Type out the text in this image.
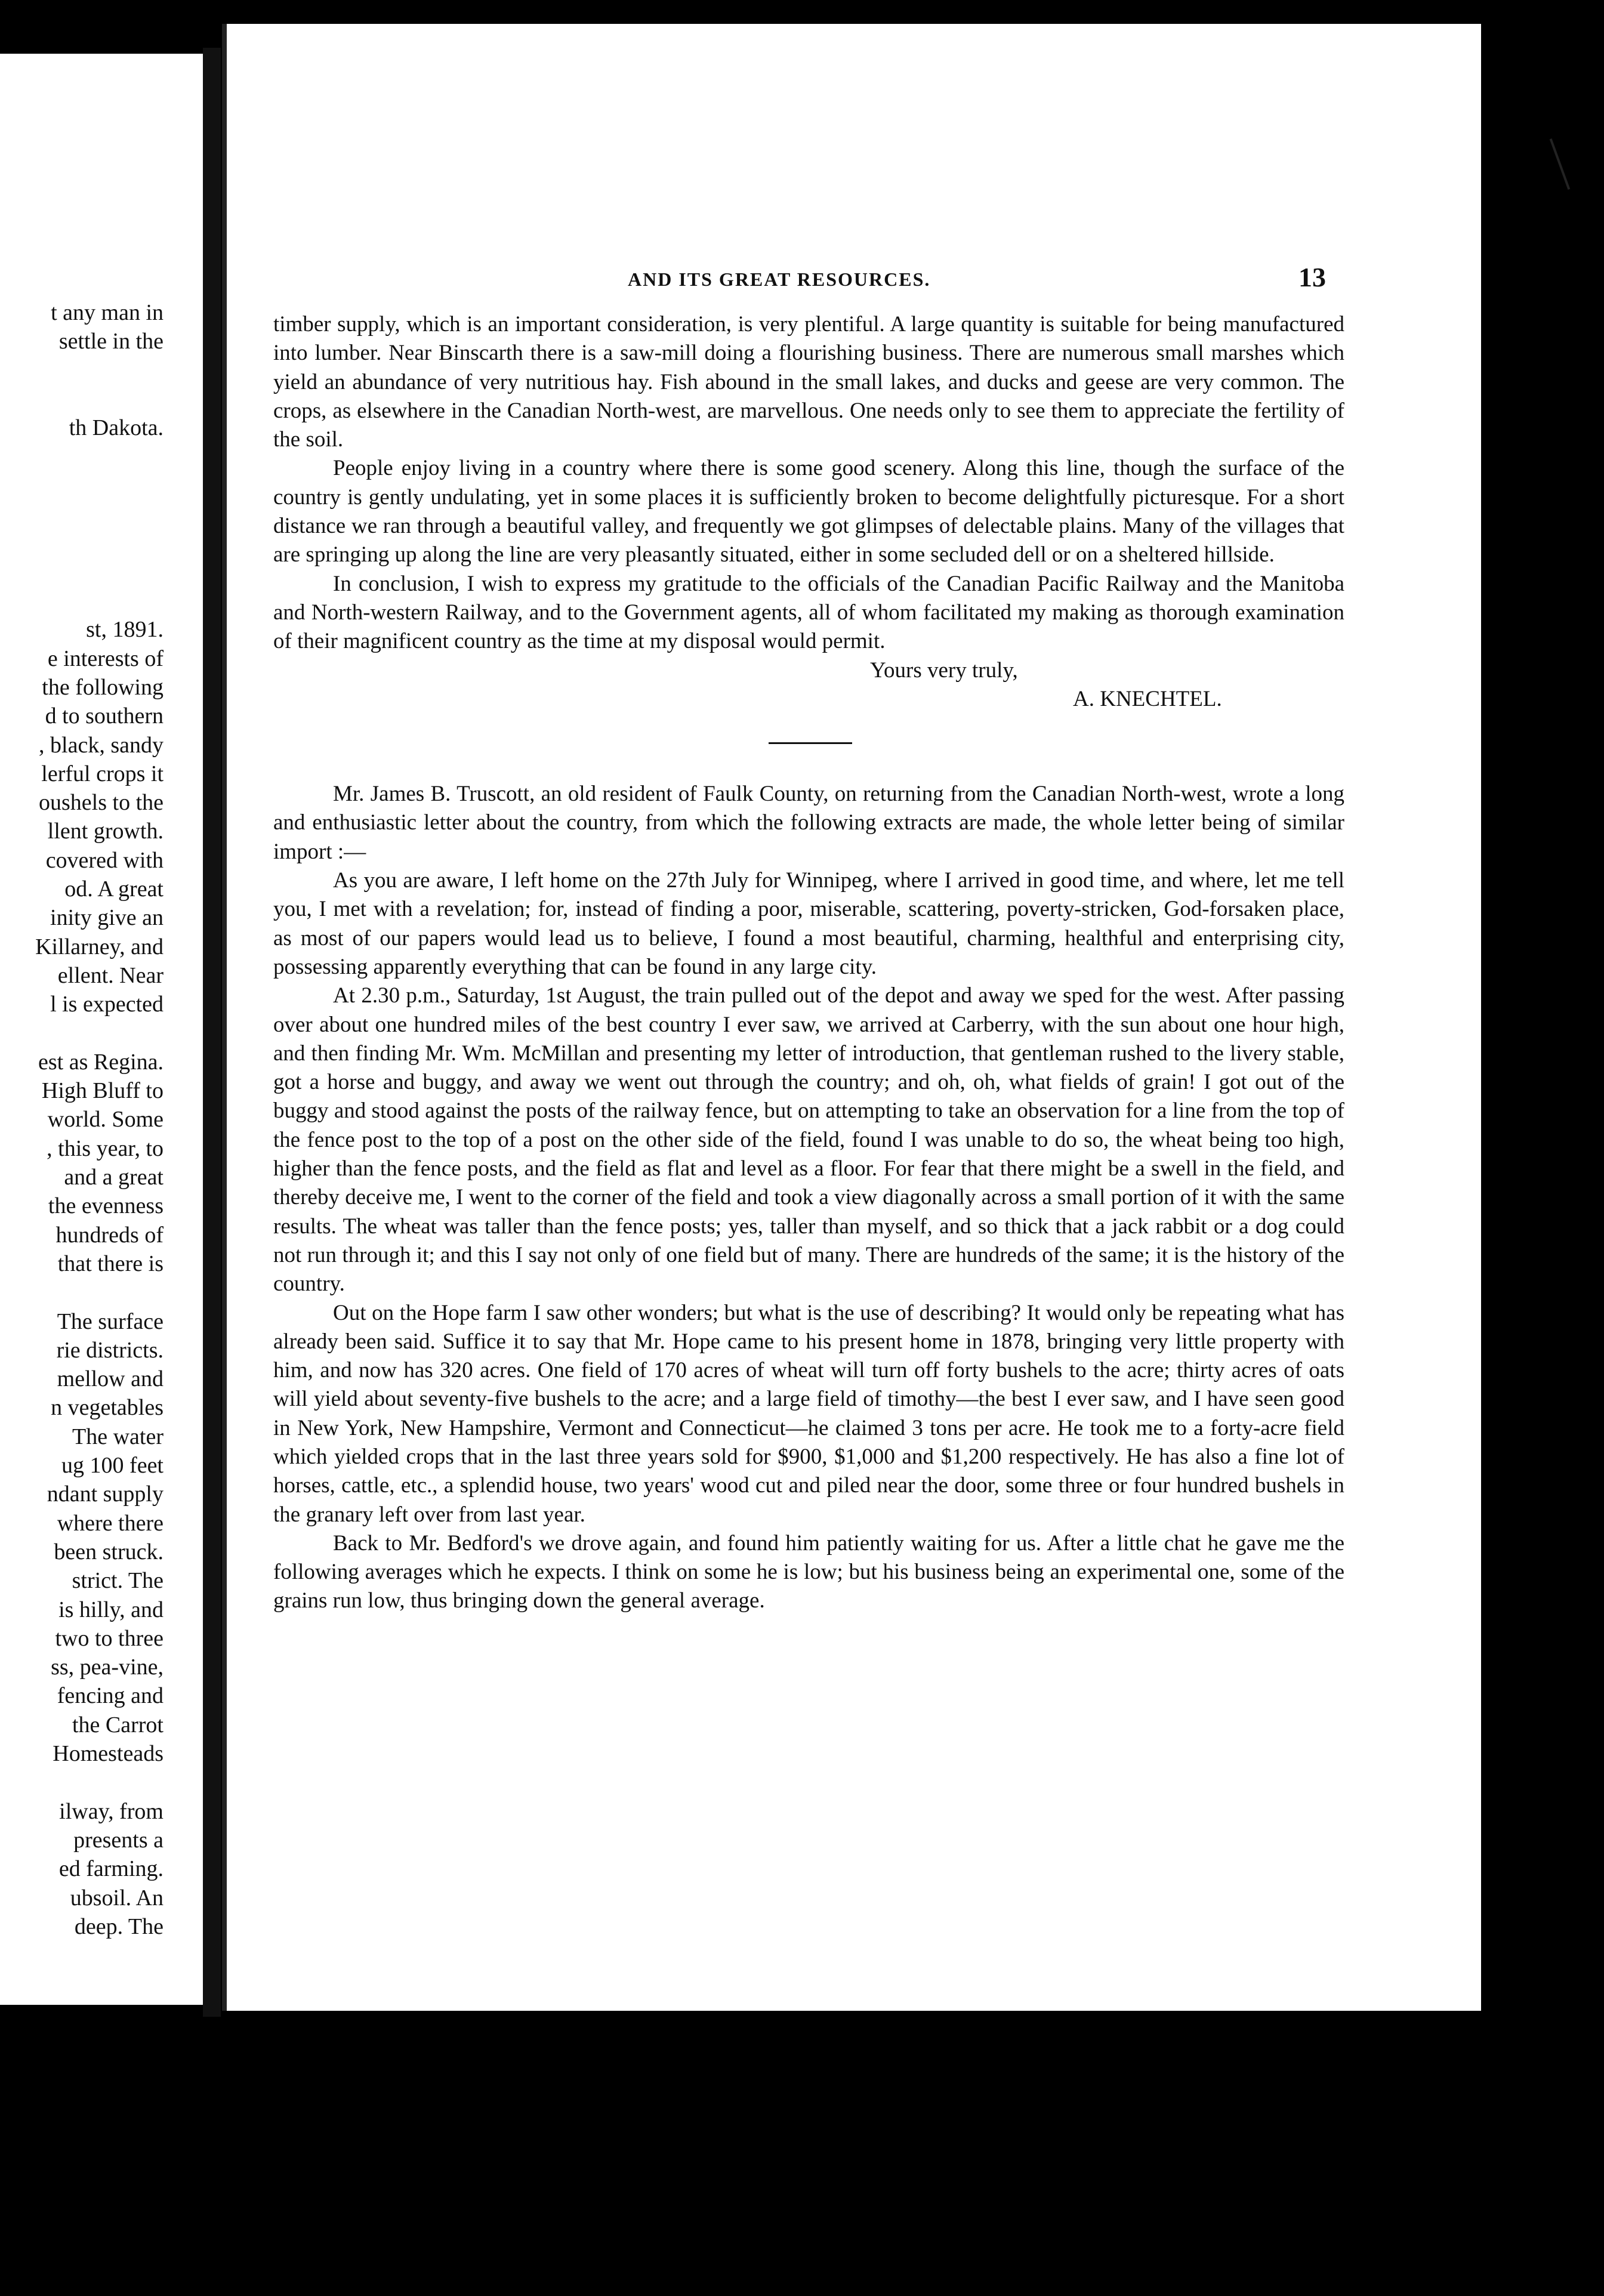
t any man in
settle in the
th Dakota.
st, 1891.
e interests of
the following
d to southern
, black, sandy
lerful crops it
oushels to the
llent growth.
covered with
od. A great
inity give an
Killarney, and
ellent. Near
l is expected
est as Regina.
High Bluff to
world. Some
, this year, to
and a great
the evenness
hundreds of
that there is
The surface
rie districts.
mellow and
n vegetables
The water
ug 100 feet
ndant supply
where there
been struck.
strict. The
is hilly, and
two to three
ss, pea-vine,
fencing and
the Carrot
Homesteads
ilway, from
presents a
ed farming.
ubsoil. An
deep. The
AND ITS GREAT RESOURCES.	13

timber supply, which is an important consideration, is very plentiful. A large quantity is suitable for being manufactured into lumber. Near Binscarth there is a saw-mill doing a flourishing business. There are numerous small marshes which yield an abundance of very nutritious hay. Fish abound in the small lakes, and ducks and geese are very common. The crops, as elsewhere in the Canadian North-west, are marvellous. One needs only to see them to appreciate the fertility of the soil.

People enjoy living in a country where there is some good scenery. Along this line, though the surface of the country is gently undulating, yet in some places it is sufficiently broken to become delightfully picturesque. For a short distance we ran through a beautiful valley, and frequently we got glimpses of delectable plains. Many of the villages that are springing up along the line are very pleasantly situated, either in some secluded dell or on a sheltered hillside.

In conclusion, I wish to express my gratitude to the officials of the Canadian Pacific Railway and the Manitoba and North-western Railway, and to the Government agents, all of whom facilitated my making as thorough examination of their magnificent country as the time at my disposal would permit.

Yours very truly,
A. KNECHTEL.

Mr. James B. Truscott, an old resident of Faulk County, on returning from the Canadian North-west, wrote a long and enthusiastic letter about the country, from which the following extracts are made, the whole letter being of similar import :—

As you are aware, I left home on the 27th July for Winnipeg, where I arrived in good time, and where, let me tell you, I met with a revelation; for, instead of finding a poor, miserable, scattering, poverty-stricken, God-forsaken place, as most of our papers would lead us to believe, I found a most beautiful, charming, healthful and enterprising city, possessing apparently everything that can be found in any large city.

At 2.30 p.m., Saturday, 1st August, the train pulled out of the depot and away we sped for the west. After passing over about one hundred miles of the best country I ever saw, we arrived at Carberry, with the sun about one hour high, and then finding Mr. Wm. McMillan and presenting my letter of introduction, that gentleman rushed to the livery stable, got a horse and buggy, and away we went out through the country; and oh, oh, what fields of grain! I got out of the buggy and stood against the posts of the railway fence, but on attempting to take an observation for a line from the top of the fence post to the top of a post on the other side of the field, found I was unable to do so, the wheat being too high, higher than the fence posts, and the field as flat and level as a floor. For fear that there might be a swell in the field, and thereby deceive me, I went to the corner of the field and took a view diagonally across a small portion of it with the same results. The wheat was taller than the fence posts; yes, taller than myself, and so thick that a jack rabbit or a dog could not run through it; and this I say not only of one field but of many. There are hundreds of the same; it is the history of the country.

Out on the Hope farm I saw other wonders; but what is the use of describing? It would only be repeating what has already been said. Suffice it to say that Mr. Hope came to his present home in 1878, bringing very little property with him, and now has 320 acres. One field of 170 acres of wheat will turn off forty bushels to the acre; thirty acres of oats will yield about seventy-five bushels to the acre; and a large field of timothy—the best I ever saw, and I have seen good in New York, New Hampshire, Vermont and Connecticut—he claimed 3 tons per acre. He took me to a forty-acre field which yielded crops that in the last three years sold for $900, $1,000 and $1,200 respectively. He has also a fine lot of horses, cattle, etc., a splendid house, two years' wood cut and piled near the door, some three or four hundred bushels in the granary left over from last year.

Back to Mr. Bedford's we drove again, and found him patiently waiting for us. After a little chat he gave me the following averages which he expects. I think on some he is low; but his business being an experimental one, some of the grains run low, thus bringing down the general average.
